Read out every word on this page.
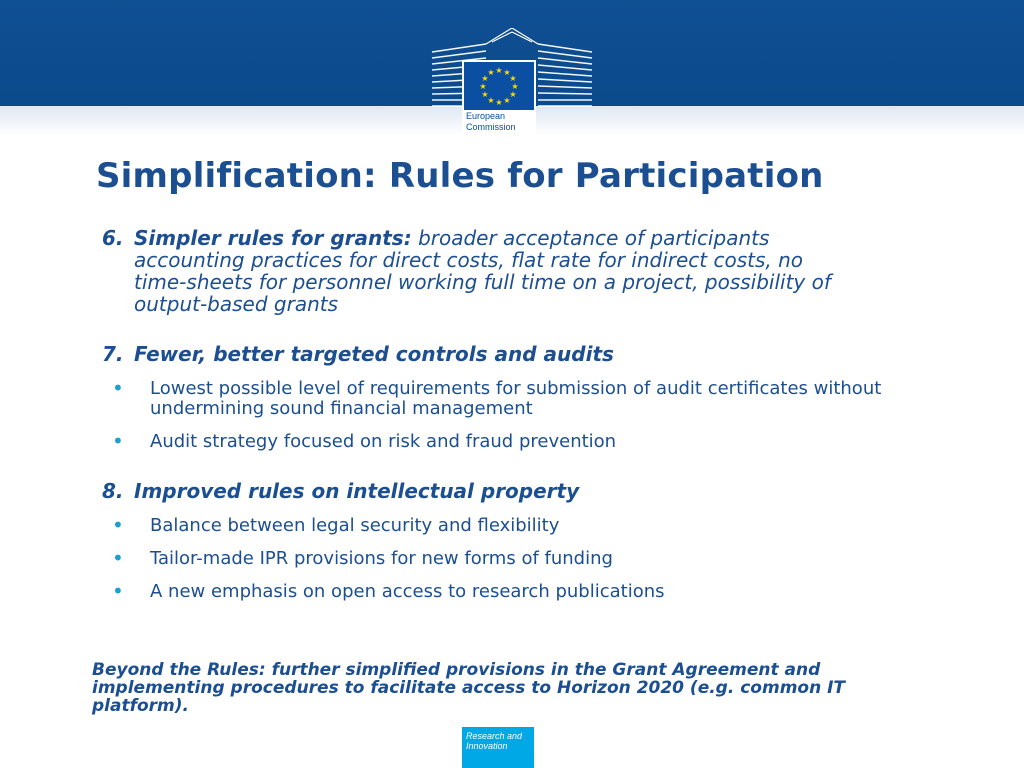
★ ★
★
★
★
★
★
★
★
★
★
★
European
Commission
Simplification: Rules for Participation
6. Simpler rules for grants: broader acceptance of participants
accounting practices for direct costs, flat rate for indirect costs, no
time-sheets for personnel working full time on a project, possibility of
output-based grants
7. Fewer, better targeted controls and audits
• Lowest possible level of requirements for submission of audit certificates without
undermining sound financial management
• Audit strategy focused on risk and fraud prevention
8. Improved rules on intellectual property
• Balance between legal security and flexibility
• Tailor-made IPR provisions for new forms of funding
• A new emphasis on open access to research publications
Beyond the Rules: further simplified provisions in the Grant Agreement and
implementing procedures to facilitate access to Horizon 2020 (e.g. common IT
platform).
Research and
Innovation
